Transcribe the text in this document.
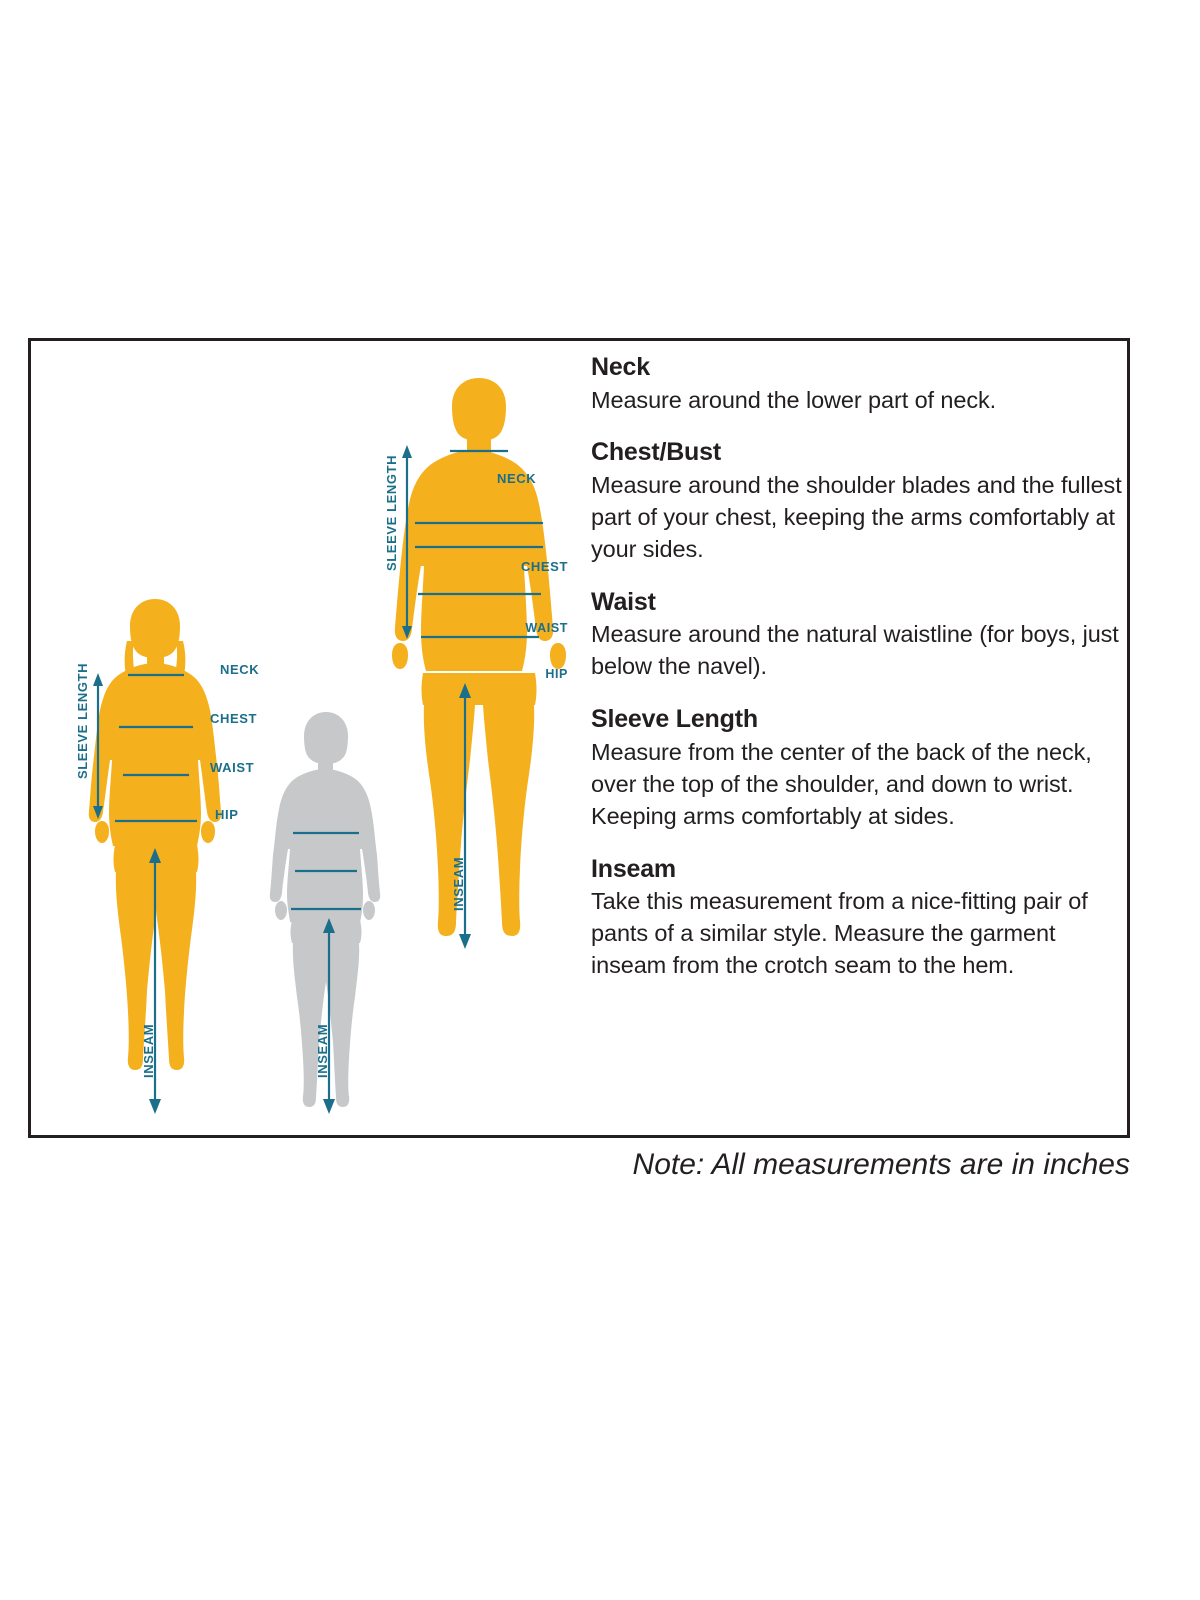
NECK
CHEST
WAIST
HIP
SLEEVE LENGTH
INSEAM
NECK
CHEST
WAIST
HIP
SLEEVE LENGTH
INSEAM	INSEAM
Neck
Measure around the lower part of neck.
Chest/Bust
Measure around the shoulder blades and the fullest part of your chest, keeping the arms comfortably at your sides.
Waist
Measure around the natural waistline (for boys, just below the navel).
Sleeve Length
Measure from the center of the back of the neck, over the top of the shoulder, and down to wrist. Keeping arms comfortably at sides.
Inseam
Take this measurement from a nice-fitting pair of pants of a similar style. Measure the garment inseam from the crotch seam to the hem.
Note: All measurements are in inches
